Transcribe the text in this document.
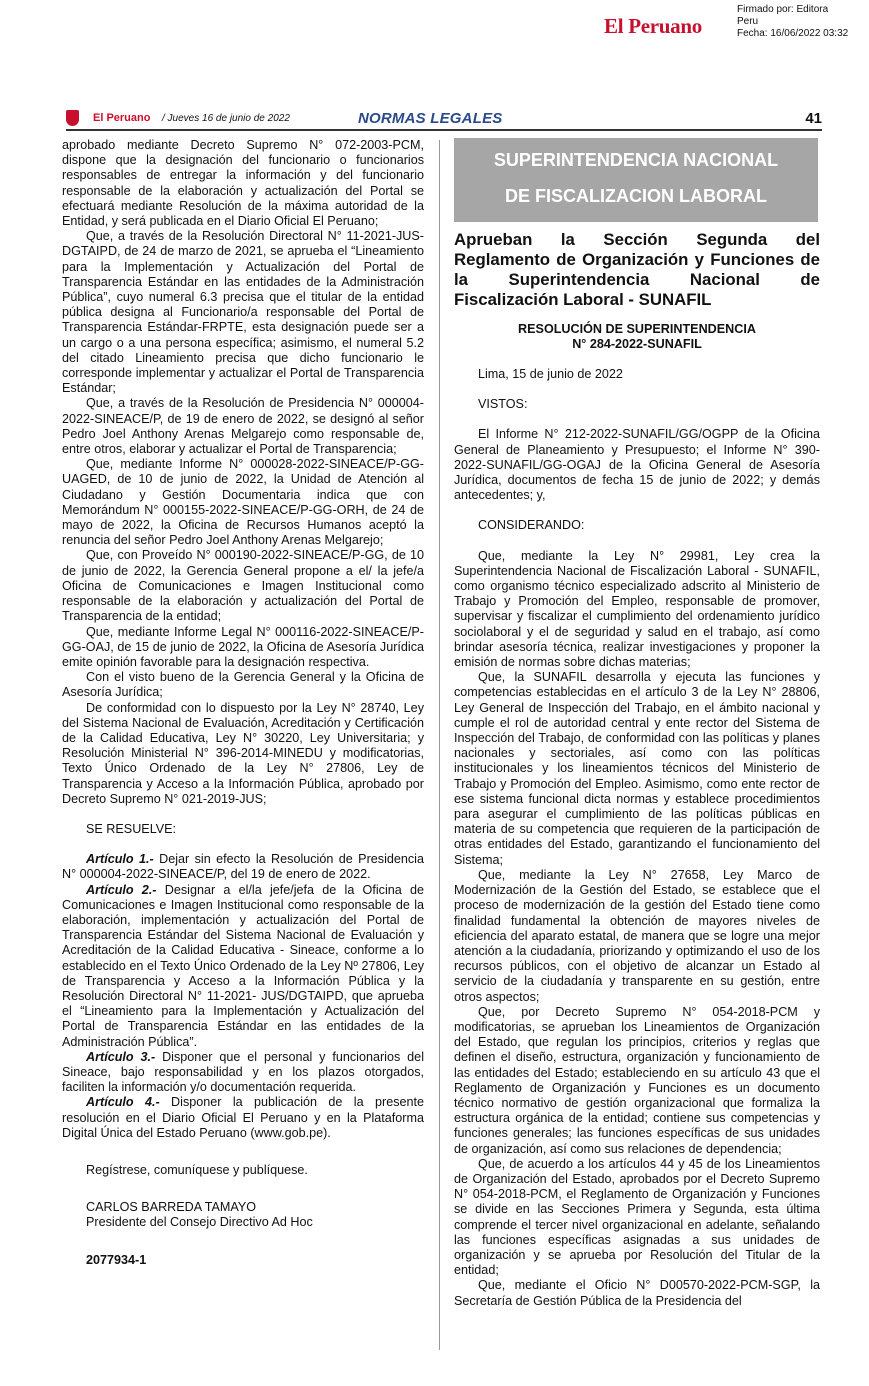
Firmado por: Editora
Peru
Fecha: 16/06/2022 03:32
El Peruano
El Peruano / Jueves 16 de junio de 2022	NORMAS LEGALES	41

aprobado mediante Decreto Supremo N° 072-2003-PCM, dispone que la designación del funcionario o funcionarios responsables de entregar la información y del funcionario responsable de la elaboración y actualización del Portal se efectuará mediante Resolución de la máxima autoridad de la Entidad, y será publicada en el Diario Oficial El Peruano;

Que, a través de la Resolución Directoral N° 11-2021-JUS-DGTAIPD, de 24 de marzo de 2021, se aprueba el “Lineamiento para la Implementación y Actualización del Portal de Transparencia Estándar en las entidades de la Administración Pública”, cuyo numeral 6.3 precisa que el titular de la entidad pública designa al Funcionario/a responsable del Portal de Transparencia Estándar-FRPTE, esta designación puede ser a un cargo o a una persona específica; asimismo, el numeral 5.2 del citado Lineamiento precisa que dicho funcionario le corresponde implementar y actualizar el Portal de Transparencia Estándar;

Que, a través de la Resolución de Presidencia N° 000004-2022-SINEACE/P, de 19 de enero de 2022, se designó al señor Pedro Joel Anthony Arenas Melgarejo como responsable de, entre otros, elaborar y actualizar el Portal de Transparencia;

Que, mediante Informe N° 000028-2022-SINEACE/P-GG-UAGED, de 10 de junio de 2022, la Unidad de Atención al Ciudadano y Gestión Documentaria indica que con Memorándum N° 000155-2022-SINEACE/P-GG-ORH, de 24 de mayo de 2022, la Oficina de Recursos Humanos aceptó la renuncia del señor Pedro Joel Anthony Arenas Melgarejo;

Que, con Proveído N° 000190-2022-SINEACE/P-GG, de 10 de junio de 2022, la Gerencia General propone a el/ la jefe/a Oficina de Comunicaciones e Imagen Institucional como responsable de la elaboración y actualización del Portal de Transparencia de la entidad;

Que, mediante Informe Legal N° 000116-2022-SINEACE/P-GG-OAJ, de 15 de junio de 2022, la Oficina de Asesoría Jurídica emite opinión favorable para la designación respectiva.

Con el visto bueno de la Gerencia General y la Oficina de Asesoría Jurídica;

De conformidad con lo dispuesto por la Ley N° 28740, Ley del Sistema Nacional de Evaluación, Acreditación y Certificación de la Calidad Educativa, Ley N° 30220, Ley Universitaria; y Resolución Ministerial N° 396-2014-MINEDU y modificatorias, Texto Único Ordenado de la Ley N° 27806, Ley de Transparencia y Acceso a la Información Pública, aprobado por Decreto Supremo N° 021-2019-JUS;

SE RESUELVE:

Artículo 1.- Dejar sin efecto la Resolución de Presidencia N° 000004-2022-SINEACE/P, del 19 de enero de 2022.

Artículo 2.- Designar a el/la jefe/jefa de la Oficina de Comunicaciones e Imagen Institucional como responsable de la elaboración, implementación y actualización del Portal de Transparencia Estándar del Sistema Nacional de Evaluación y Acreditación de la Calidad Educativa - Sineace, conforme a lo establecido en el Texto Único Ordenado de la Ley Nº 27806, Ley de Transparencia y Acceso a la Información Pública y la Resolución Directoral N° 11-2021- JUS/DGTAIPD, que aprueba el “Lineamiento para la Implementación y Actualización del Portal de Transparencia Estándar en las entidades de la Administración Pública”.

Artículo 3.- Disponer que el personal y funcionarios del Sineace, bajo responsabilidad y en los plazos otorgados, faciliten la información y/o documentación requerida.

Artículo 4.- Disponer la publicación de la presente resolución en el Diario Oficial El Peruano y en la Plataforma Digital Única del Estado Peruano (www.gob.pe).

Regístrese, comuníquese y publíquese.

CARLOS BARREDA TAMAYO

Presidente del Consejo Directivo Ad Hoc

2077934-1

SUPERINTENDENCIA NACIONAL
DE FISCALIZACION LABORAL
Aprueban la Sección Segunda del Reglamento de Organización y Funciones de la Superintendencia Nacional de Fiscalización Laboral - SUNAFIL
RESOLUCIÓN DE SUPERINTENDENCIA
N° 284-2022-SUNAFIL

Lima, 15 de junio de 2022

VISTOS:

El Informe N° 212-2022-SUNAFIL/GG/OGPP de la Oficina General de Planeamiento y Presupuesto; el Informe N° 390-2022-SUNAFIL/GG-OGAJ de la Oficina General de Asesoría Jurídica, documentos de fecha 15 de junio de 2022; y demás antecedentes; y,

CONSIDERANDO:

Que, mediante la Ley N° 29981, Ley crea la Superintendencia Nacional de Fiscalización Laboral - SUNAFIL, como organismo técnico especializado adscrito al Ministerio de Trabajo y Promoción del Empleo, responsable de promover, supervisar y fiscalizar el cumplimiento del ordenamiento jurídico sociolaboral y el de seguridad y salud en el trabajo, así como brindar asesoría técnica, realizar investigaciones y proponer la emisión de normas sobre dichas materias;

Que, la SUNAFIL desarrolla y ejecuta las funciones y competencias establecidas en el artículo 3 de la Ley N° 28806, Ley General de Inspección del Trabajo, en el ámbito nacional y cumple el rol de autoridad central y ente rector del Sistema de Inspección del Trabajo, de conformidad con las políticas y planes nacionales y sectoriales, así como con las políticas institucionales y los lineamientos técnicos del Ministerio de Trabajo y Promoción del Empleo. Asimismo, como ente rector de ese sistema funcional dicta normas y establece procedimientos para asegurar el cumplimiento de las políticas públicas en materia de su competencia que requieren de la participación de otras entidades del Estado, garantizando el funcionamiento del Sistema;

Que, mediante la Ley N° 27658, Ley Marco de Modernización de la Gestión del Estado, se establece que el proceso de modernización de la gestión del Estado tiene como finalidad fundamental la obtención de mayores niveles de eficiencia del aparato estatal, de manera que se logre una mejor atención a la ciudadanía, priorizando y optimizando el uso de los recursos públicos, con el objetivo de alcanzar un Estado al servicio de la ciudadanía y transparente en su gestión, entre otros aspectos;

Que, por Decreto Supremo N° 054-2018-PCM y modificatorias, se aprueban los Lineamientos de Organización del Estado, que regulan los principios, criterios y reglas que definen el diseño, estructura, organización y funcionamiento de las entidades del Estado; estableciendo en su artículo 43 que el Reglamento de Organización y Funciones es un documento técnico normativo de gestión organizacional que formaliza la estructura orgánica de la entidad; contiene sus competencias y funciones generales; las funciones específicas de sus unidades de organización, así como sus relaciones de dependencia;

Que, de acuerdo a los artículos 44 y 45 de los Lineamientos de Organización del Estado, aprobados por el Decreto Supremo N° 054-2018-PCM, el Reglamento de Organización y Funciones se divide en las Secciones Primera y Segunda, esta última comprende el tercer nivel organizacional en adelante, señalando las funciones específicas asignadas a sus unidades de organización y se aprueba por Resolución del Titular de la entidad;

Que, mediante el Oficio N° D00570-2022-PCM-SGP, la Secretaría de Gestión Pública de la Presidencia del
